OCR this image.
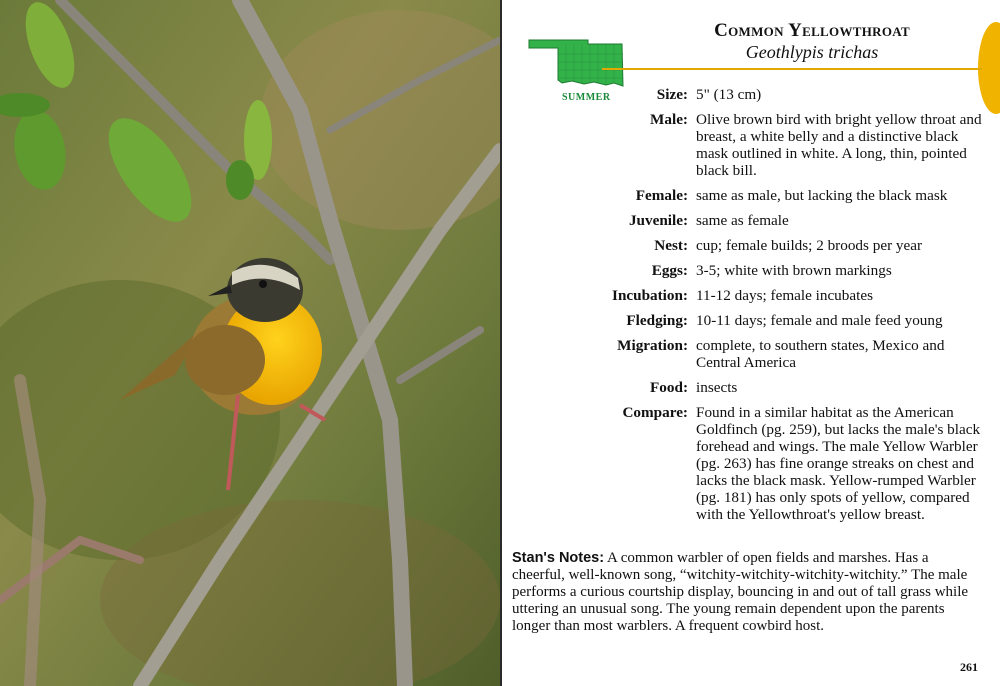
SUMMER
Common Yellowthroat
Geothlypis trichas
Size: 5" (13 cm)
Male: Olive brown bird with bright yellow throat and breast, a white belly and a distinctive black mask outlined in white. A long, thin, pointed black bill.
Female: same as male, but lacking the black mask
Juvenile: same as female
Nest: cup; female builds; 2 broods per year
Eggs: 3-5; white with brown markings
Incubation: 11-12 days; female incubates
Fledging: 10-11 days; female and male feed young
Migration: complete, to southern states, Mexico and Central America
Food: insects
Compare: Found in a similar habitat as the American Goldfinch (pg. 259), but lacks the male's black forehead and wings. The male Yellow Warbler (pg. 263) has fine orange streaks on chest and lacks the black mask. Yellow-rumped Warbler (pg. 181) has only spots of yellow, compared with the Yellowthroat's yellow breast.
Stan's Notes: A common warbler of open fields and marshes. Has a cheerful, well-known song, “witchity-witchity-witchity-witchity.” The male performs a curious courtship display, bouncing in and out of tall grass while uttering an unusual song. The young remain dependent upon the parents longer than most warblers. A frequent cowbird host.
261
